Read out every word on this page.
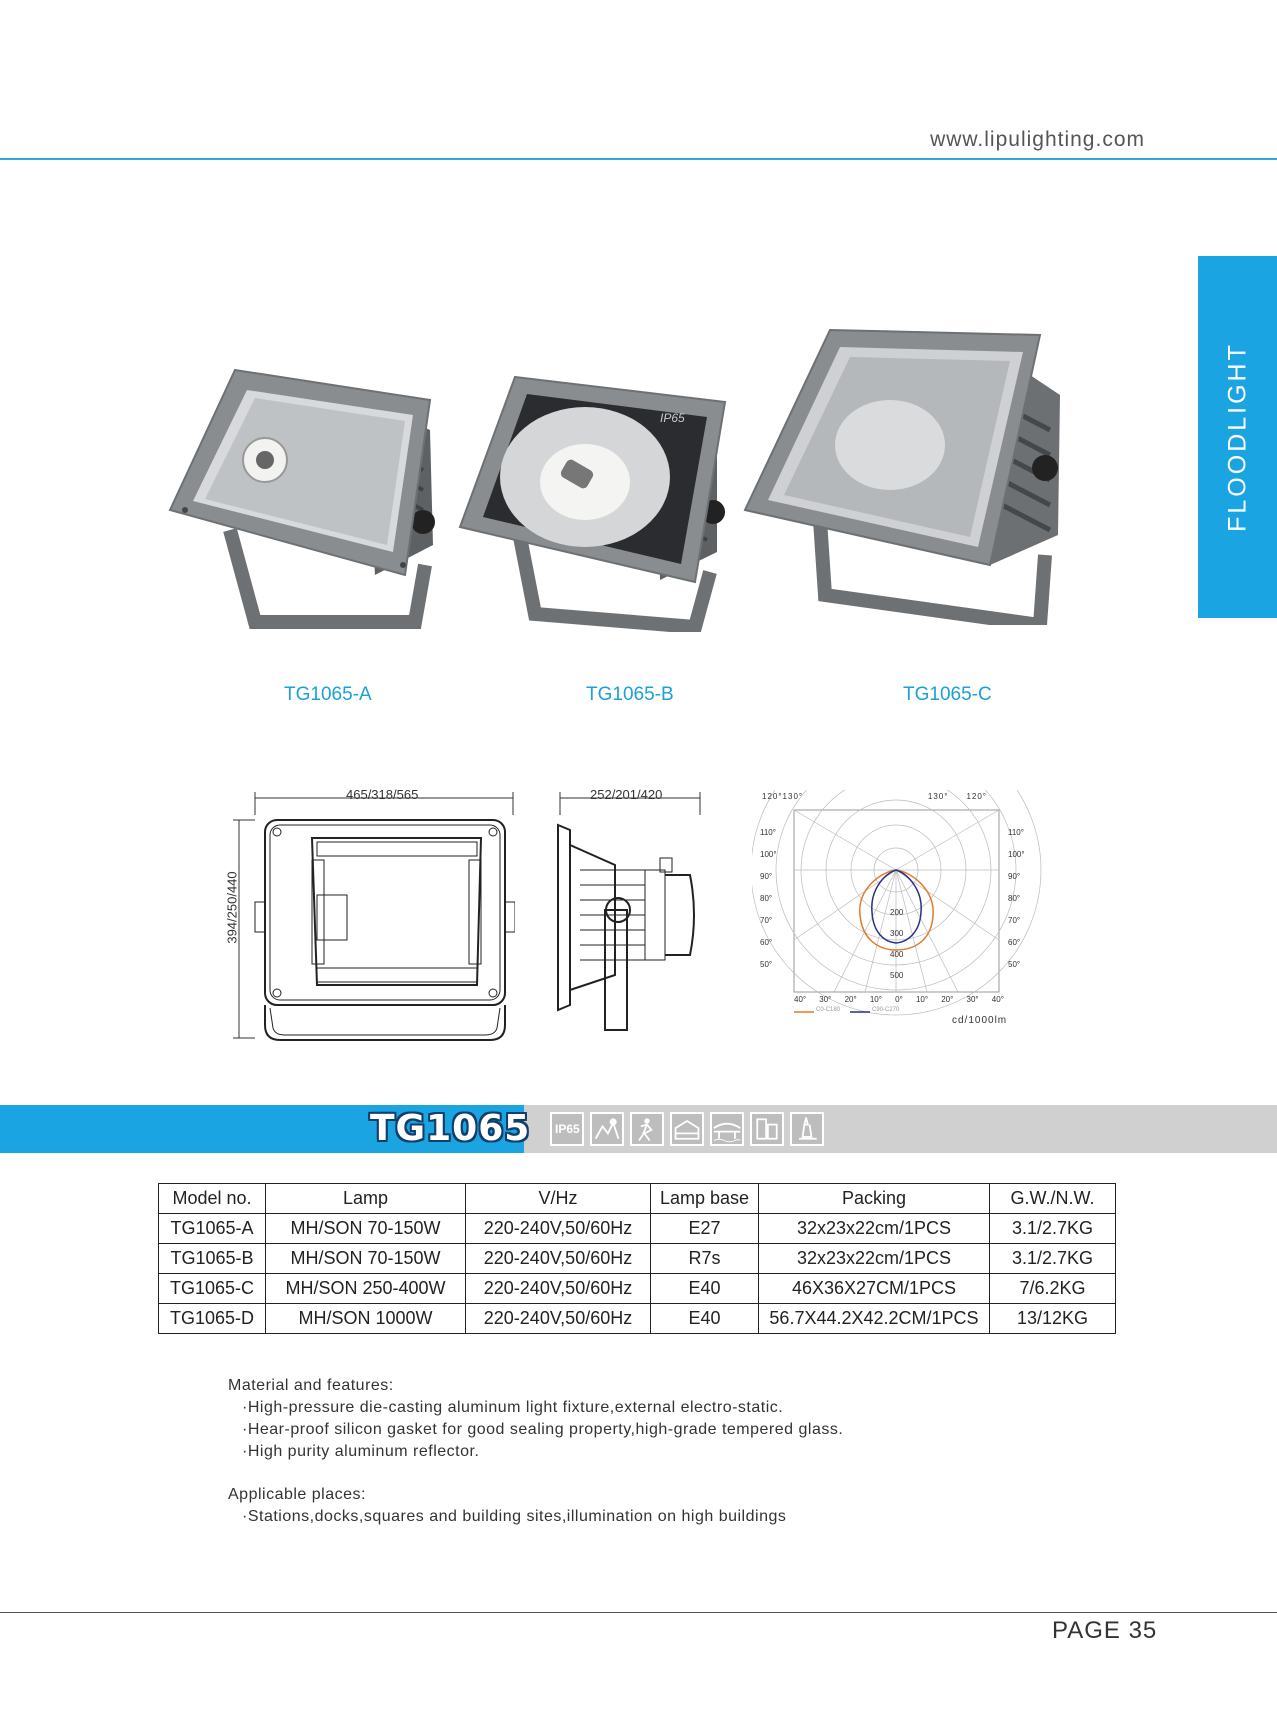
www.lipulighting.com
FLOODLIGHT
IP65
TG1065-A	TG1065-B	TG1065-C
465/318/565
394/250/440
252/201/420	120° 130°	130° 120°
110°
100°
90°
80°
70°
60°
50°
110°
100°
90°
80°
70°
60°
50°
200
300
400
500
40° 30° 20° 10° 0° 10° 20° 30° 40°
C0-C180	C90-C270
cd/1000lm
TG1065 IP65
Model no.	Lamp	V/Hz	Lamp base	Packing	G.W./N.W.
TG1065-A	MH/SON 70-150W	220-240V,50/60Hz	E27	32x23x22cm/1PCS	3.1/2.7KG
TG1065-B	MH/SON 70-150W	220-240V,50/60Hz	R7s	32x23x22cm/1PCS	3.1/2.7KG
TG1065-C	MH/SON 250-400W	220-240V,50/60Hz	E40	46X36X27CM/1PCS	7/6.2KG
TG1065-D	MH/SON 1000W	220-240V,50/60Hz	E40	56.7X44.2X42.2CM/1PCS	13/12KG
Material and features:
·High-pressure die-casting aluminum light fixture,external electro-static.
·Hear-proof silicon gasket for good sealing property,high-grade tempered glass.
·High purity aluminum reflector.
Applicable places:
·Stations,docks,squares and building sites,illumination on high buildings
PAGE 35
